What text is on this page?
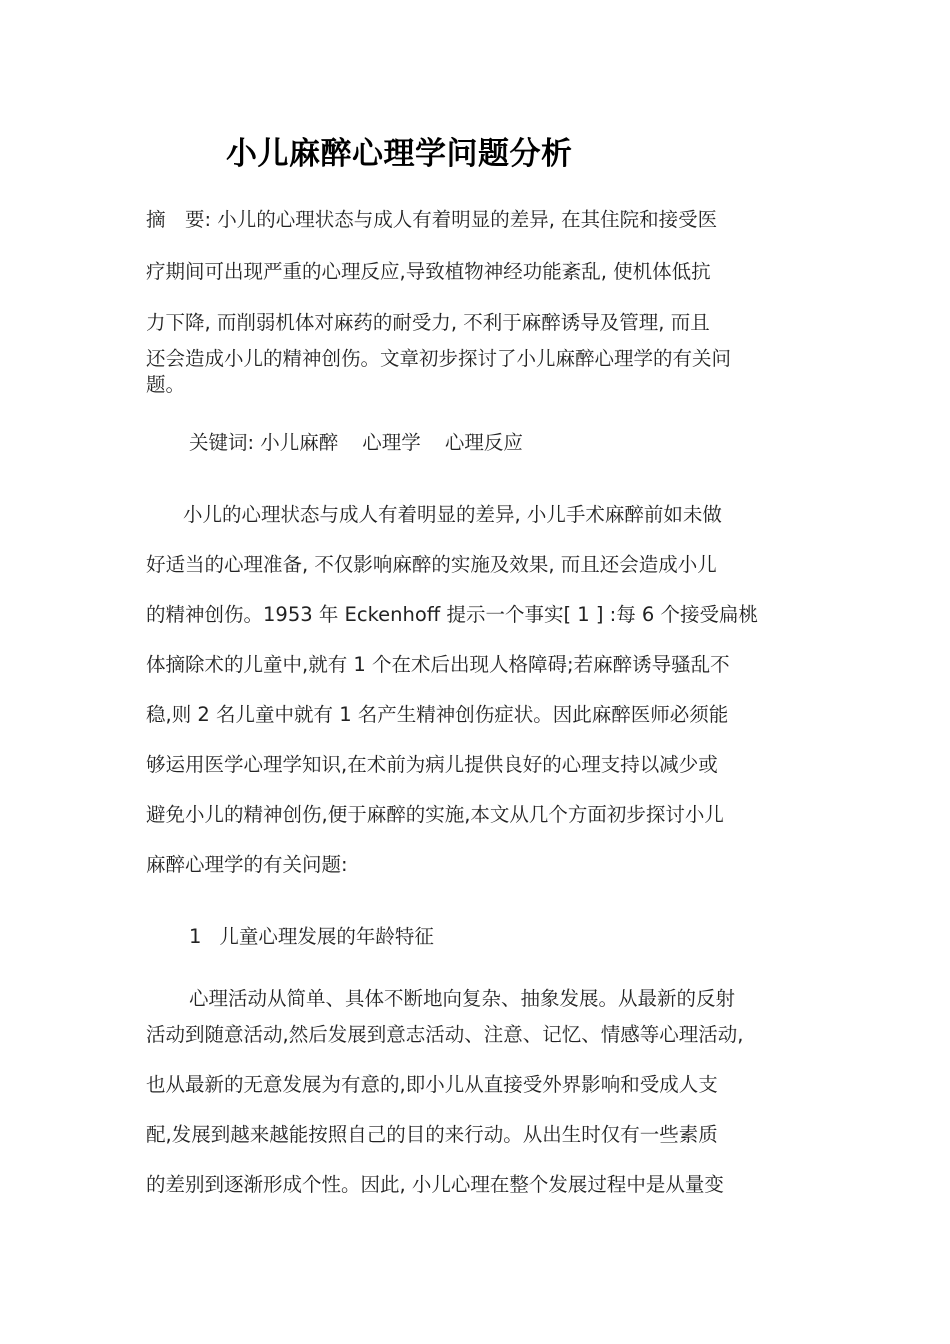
小儿麻醉心理学问题分析
摘　要: 小儿的心理状态与成人有着明显的差异, 在其住院和接受医
疗期间可出现严重的心理反应,导致植物神经功能紊乱, 使机体低抗
力下降, 而削弱机体对麻药的耐受力, 不利于麻醉诱导及管理, 而且
还会造成小儿的精神创伤。文章初步探讨了小儿麻醉心理学的有关问
题。
关键词: 小儿麻醉 心理学 心理反应
小儿的心理状态与成人有着明显的差异, 小儿手术麻醉前如未做
好适当的心理准备, 不仅影响麻醉的实施及效果, 而且还会造成小儿
的精神创伤。1953 年 Eckenhoff 提示一个事实[ 1 ] :每 6 个接受扁桃
体摘除术的儿童中,就有 1 个在术后出现人格障碍;若麻醉诱导骚乱不
稳,则 2 名儿童中就有 1 名产生精神创伤症状。因此麻醉医师必须能
够运用医学心理学知识,在术前为病儿提供良好的心理支持以减少或
避免小儿的精神创伤,便于麻醉的实施,本文从几个方面初步探讨小儿
麻醉心理学的有关问题:
1 儿童心理发展的年龄特征
心理活动从简单、具体不断地向复杂、抽象发展。从最新的反射
活动到随意活动,然后发展到意志活动、注意、记忆、情感等心理活动,
也从最新的无意发展为有意的,即小儿从直接受外界影响和受成人支
配,发展到越来越能按照自己的目的来行动。从出生时仅有一些素质
的差别到逐渐形成个性。因此, 小儿心理在整个发展过程中是从量变
